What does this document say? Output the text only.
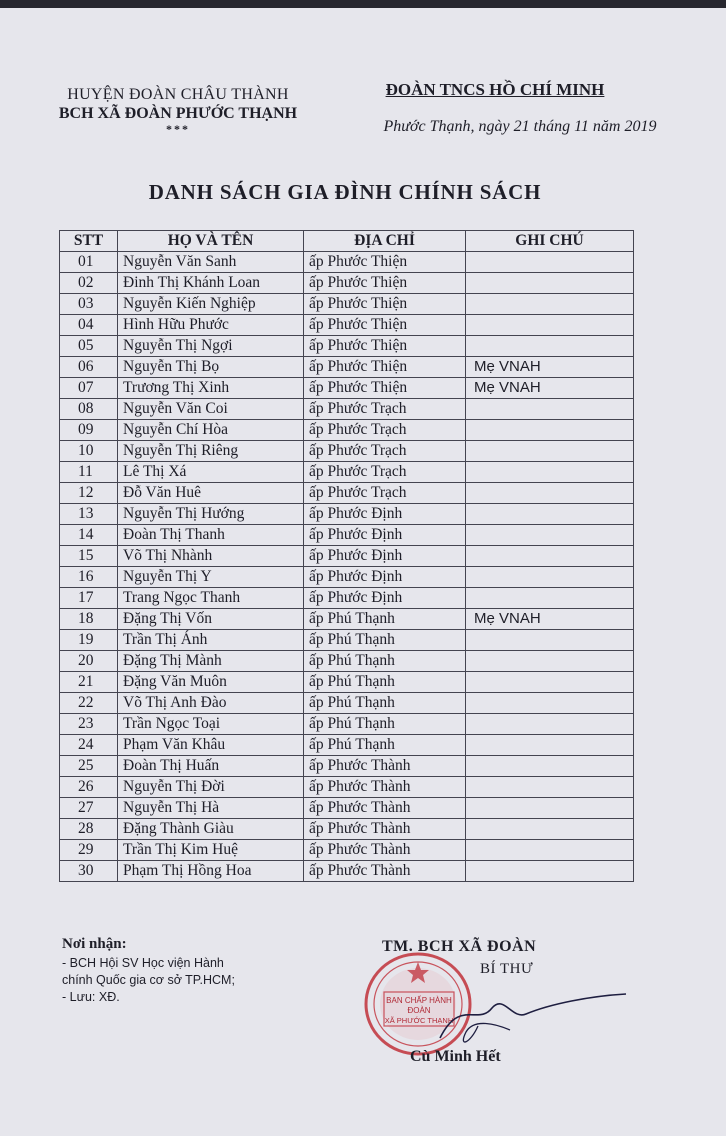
HUYỆN ĐOÀN CHÂU THÀNH
BCH XÃ ĐOÀN PHƯỚC THẠNH
***
ĐOÀN TNCS HỒ CHÍ MINH
Phước Thạnh, ngày 21 tháng 11 năm 2019
DANH SÁCH GIA ĐÌNH CHÍNH SÁCH
STT	HỌ VÀ TÊN	ĐỊA CHỈ	GHI CHÚ
01	Nguyễn Văn Sanh	ấp Phước Thiện	
02	Đinh Thị Khánh Loan	ấp Phước Thiện	
03	Nguyễn Kiến Nghiệp	ấp Phước Thiện	
04	Hình Hữu Phước	ấp Phước Thiện	
05	Nguyễn Thị Ngợi	ấp Phước Thiện	
06	Nguyễn Thị Bọ	ấp Phước Thiện	Mẹ VNAH
07	Trương Thị Xinh	ấp Phước Thiện	Mẹ VNAH
08	Nguyễn Văn Coi	ấp Phước Trạch	
09	Nguyễn Chí Hòa	ấp Phước Trạch	
10	Nguyễn Thị Riêng	ấp Phước Trạch	
11	Lê Thị Xá	ấp Phước Trạch	
12	Đỗ Văn Huê	ấp Phước Trạch	
13	Nguyễn Thị Hướng	ấp Phước Định	
14	Đoàn Thị Thanh	ấp Phước Định	
15	Võ Thị Nhành	ấp Phước Định	
16	Nguyễn Thị Y	ấp Phước Định	
17	Trang Ngọc Thanh	ấp Phước Định	
18	Đặng Thị Vốn	ấp Phú Thạnh	Mẹ VNAH
19	Trần Thị Ánh	ấp Phú Thạnh	
20	Đặng Thị Mành	ấp Phú Thạnh	
21	Đặng Văn Muôn	ấp Phú Thạnh	
22	Võ Thị Anh Đào	ấp Phú Thạnh	
23	Trần Ngọc Toại	ấp Phú Thạnh	
24	Phạm Văn Khâu	ấp Phú Thạnh	
25	Đoàn Thị Huấn	ấp Phước Thành	
26	Nguyễn Thị Đời	ấp Phước Thành	
27	Nguyễn Thị Hà	ấp Phước Thành	
28	Đặng Thành Giàu	ấp Phước Thành	
29	Trần Thị Kim Huệ	ấp Phước Thành	
30	Phạm Thị Hồng Hoa	ấp Phước Thành	
Nơi nhận:
- BCH Hội SV Học viện Hành
chính Quốc gia cơ sở TP.HCM;
- Lưu: XĐ.
TM. BCH XÃ ĐOÀN
BÍ THƯ
BAN CHẤP HÀNH
ĐOÀN
XÃ PHƯỚC THẠNH
Cù Minh Hết
